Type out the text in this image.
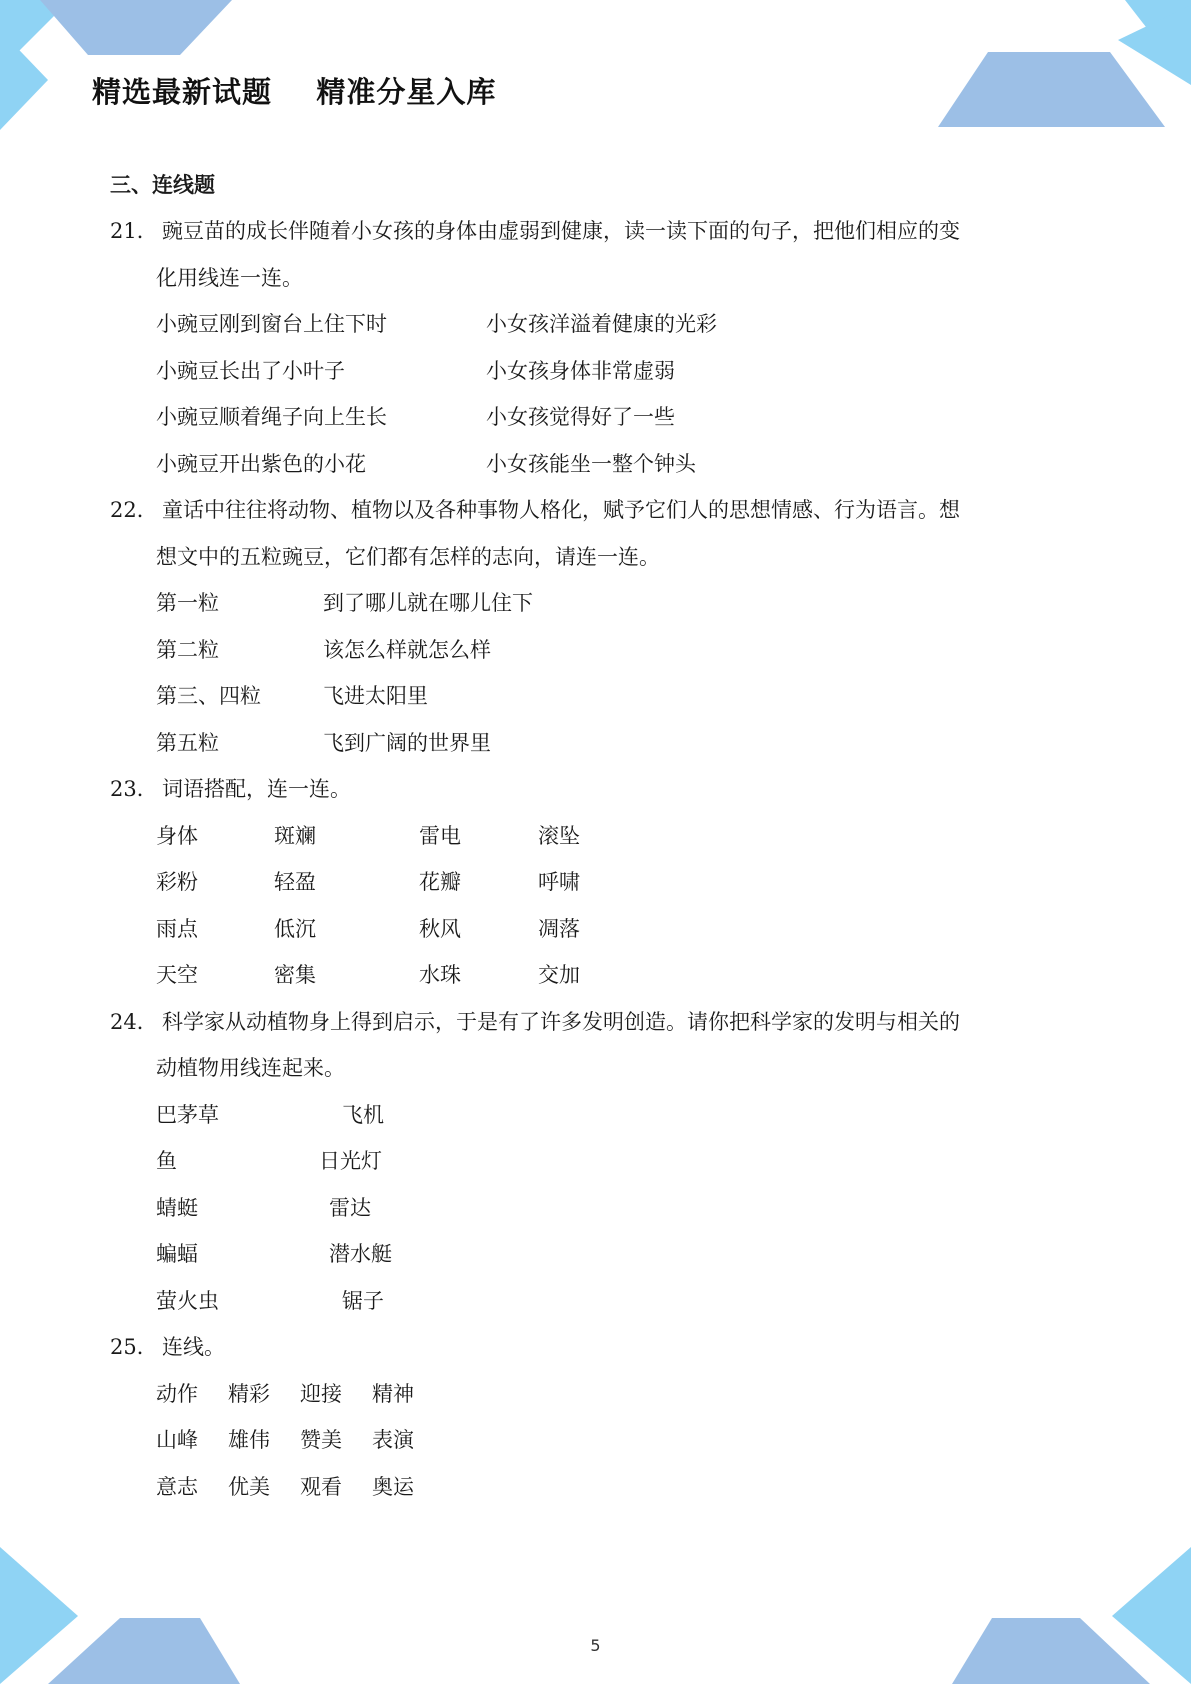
精选最新试题    精准分星入库
三、连线题
21． 豌豆苗的成长伴随着小女孩的身体由虚弱到健康，读一读下面的句子，把他们相应的变
化用线连一连。
小豌豆刚到窗台上住下时	小女孩洋溢着健康的光彩
小豌豆长出了小叶子	小女孩身体非常虚弱
小豌豆顺着绳子向上生长	小女孩觉得好了一些
小豌豆开出紫色的小花	小女孩能坐一整个钟头
22． 童话中往往将动物、植物以及各种事物人格化，赋予它们人的思想情感、行为语言。想
想文中的五粒豌豆，它们都有怎样的志向，请连一连。
第一粒	到了哪儿就在哪儿住下
第二粒	该怎么样就怎么样
第三、四粒	飞进太阳里
第五粒	飞到广阔的世界里
23． 词语搭配，连一连。
身体	斑斓	雷电	滚坠
彩粉	轻盈	花瓣	呼啸
雨点	低沉	秋风	凋落
天空	密集	水珠	交加
24． 科学家从动植物身上得到启示，于是有了许多发明创造。请你把科学家的发明与相关的
动植物用线连起来。
巴茅草	飞机
鱼	日光灯
蜻蜓	雷达
蝙蝠	潜水艇
萤火虫	锯子
25． 连线。
动作	精彩	迎接	精神
山峰	雄伟	赞美	表演
意志	优美	观看	奥运
5
